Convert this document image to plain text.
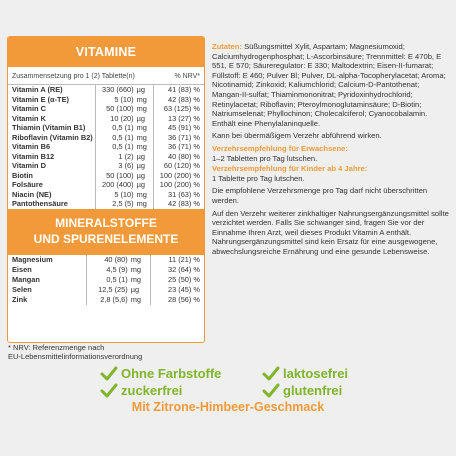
VITAMINE
Zusammensetzung pro 1 (2) Tablette(n)			% NRV*
Vitamin A (RE)	330 (660)	µg	41 (83) %
Vitamin E (α-TE)	5 (10)	mg	42 (83) %
Vitamin C	50 (100)	mg	63 (125) %
Vitamin K	10 (20)	µg	13 (27) %
Thiamin (Vitamin B1)	0,5 (1)	mg	45 (91) %
Riboflavin (Vitamin B2)	0,5 (1)	mg	36 (71) %
Vitamin B6	0,5 (1)	mg	36 (71) %
Vitamin B12	1 (2)	µg	40 (80) %
Vitamin D	3 (6)	µg	60 (120) %
Biotin	50 (100)	µg	100 (200) %
Folsäure	200 (400)	µg	100 (200) %
Niacin (NE)	5 (10)	mg	31 (63) %
Pantothensäure	2,5 (5)	mg	42 (83) %
MINERALSTOFFE
UND SPURENELEMENTE
Magnesium	40 (80)	mg	11 (21) %
Eisen	4,5 (9)	mg	32 (64) %
Mangan	0,5 (1)	mg	25 (50) %
Selen	12,5 (25)	µg	23 (45) %
Zink	2,8 (5,6)	mg	28 (56) %
* NRV: Referenzmenge nach
EU-Lebensmittelinformationsverordnung

Zutaten: Süßungsmittel Xylit, Aspartam; Magnesiumoxid; Calciumhydrogenphosphat; L-Ascorbinsäure; Trennmittel: E 470b, E 551, E 570; Säureregulator: E 330; Maltodextrin; Eisen-II-fumarat; Füllstoff: E 460; Pulver Bl; Pulver, DL-alpha-Tocopherylacetat; Aroma; Nicotinamid; Zinkoxid; Kaliumchlorid; Calcium-D-Pantothenat; Mangan-II-sulfat; Thiaminmononitrat; Pyridoxinhydrochlorid; Retinylacetat; Riboflavin; Pteroylmonoglutaminsäure; D-Biotin; Natriumselenat; Phyllochinon; Cholecalciferol; Cyanocobalamin. Enthält eine Phenylalaninquelle.

Kann bei übermäßigem Verzehr abführend wirken.

Verzehrsempfehlung für Erwachsene:
1–2 Tabletten pro Tag lutschen.

Verzehrsempfehlung für Kinder ab 4 Jahre:
1 Tablette pro Tag lutschen.

Die empfohlene Verzehrsmenge pro Tag darf nicht überschritten werden.

Auf den Verzehr weiterer zinkhaltiger Nahrungsergänzungsmittel sollte verzichtet werden. Falls Sie schwanger sind, fragen Sie vor der Einnahme Ihren Arzt, weil dieses Produkt Vitamin A enthält.

Nahrungsergänzungsmittel sind kein Ersatz für eine ausgewogene, abwechslungsreiche Ernährung und eine gesunde Lebensweise.

Ohne Farbstoffe	laktosefrei
zuckerfrei	glutenfrei
Mit Zitrone-Himbeer-Geschmack
